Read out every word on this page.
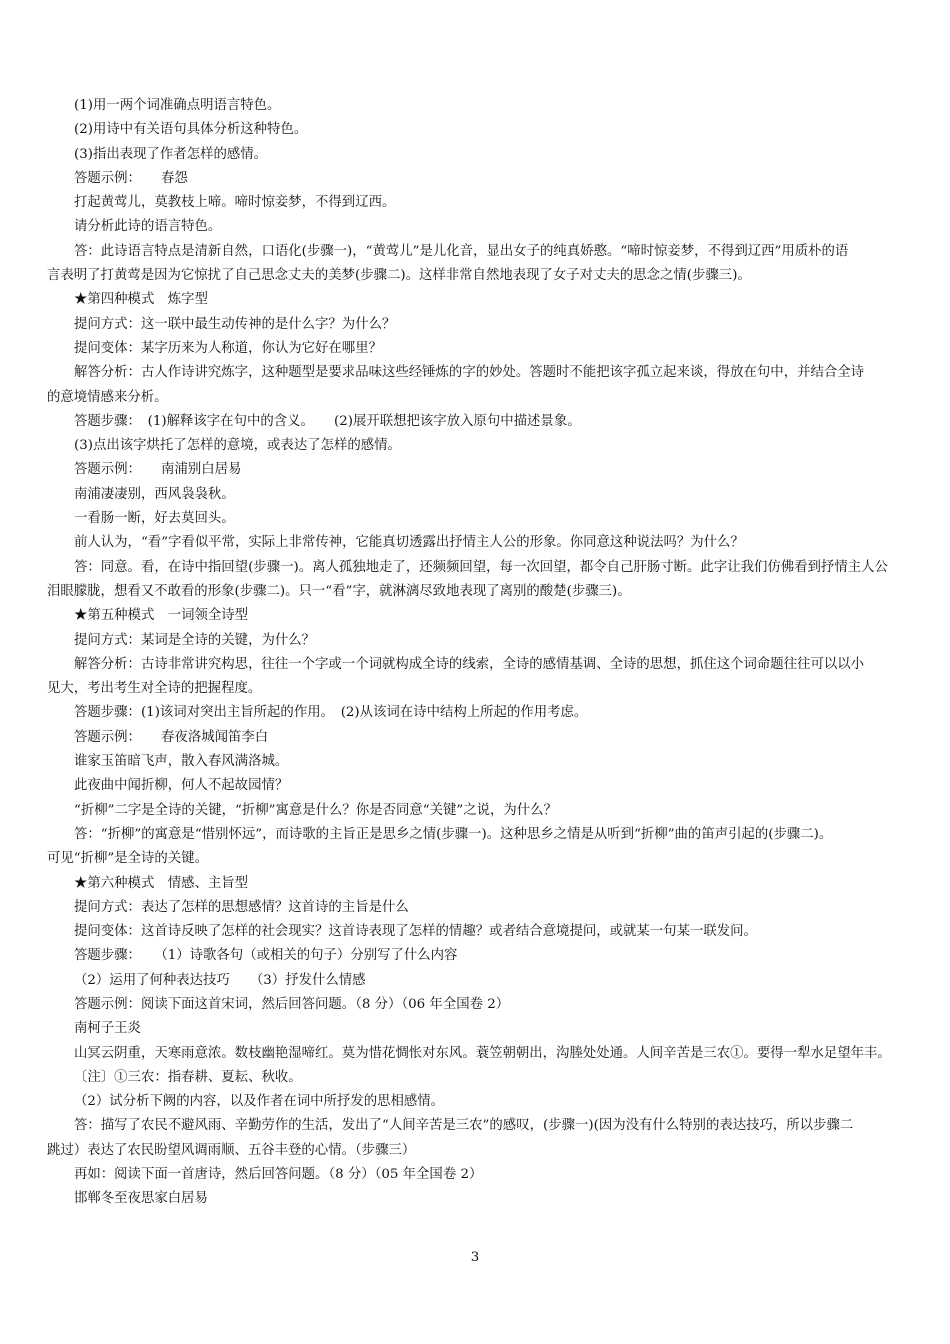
(1)用一两个词准确点明语言特色。
(2)用诗中有关语句具体分析这种特色。
(3)指出表现了作者怎样的感情。
答题示例：　　春怨
打起黄莺儿，莫教枝上啼。啼时惊妾梦，不得到辽西。
请分析此诗的语言特色。
答：此诗语言特点是清新自然，口语化(步骤一)，“黄莺儿”是儿化音，显出女子的纯真娇憨。“啼时惊妾梦，不得到辽西”用质朴的语
言表明了打黄莺是因为它惊扰了自己思念丈夫的美梦(步骤二)。这样非常自然地表现了女子对丈夫的思念之情(步骤三)。
★第四种模式　炼字型
提问方式：这一联中最生动传神的是什么字？为什么？
提问变体：某字历来为人称道，你认为它好在哪里？
解答分析：古人作诗讲究炼字，这种题型是要求品味这些经锤炼的字的妙处。答题时不能把该字孤立起来谈，得放在句中，并结合全诗
的意境情感来分析。
答题步骤：　(1)解释该字在句中的含义。　　(2)展开联想把该字放入原句中描述景象。
(3)点出该字烘托了怎样的意境，或表达了怎样的感情。
答题示例：　　南浦别白居易
南浦凄凄别，西风袅袅秋。
一看肠一断，好去莫回头。
前人认为，“看”字看似平常，实际上非常传神，它能真切透露出抒情主人公的形象。你同意这种说法吗？为什么？
答：同意。看，在诗中指回望(步骤一)。离人孤独地走了，还频频回望，每一次回望，都令自己肝肠寸断。此字让我们仿佛看到抒情主人公
泪眼朦胧，想看又不敢看的形象(步骤二)。只一“看”字，就淋漓尽致地表现了离别的酸楚(步骤三)。
★第五种模式　一词领全诗型
提问方式：某词是全诗的关键，为什么？
解答分析：古诗非常讲究构思，往往一个字或一个词就构成全诗的线索，全诗的感情基调、全诗的思想，抓住这个词命题往往可以以小
见大，考出考生对全诗的把握程度。
答题步骤：(1)该词对突出主旨所起的作用。　(2)从该词在诗中结构上所起的作用考虑。
答题示例：　　春夜洛城闻笛李白
谁家玉笛暗飞声，散入春风满洛城。
此夜曲中闻折柳，何人不起故园情？
“折柳”二字是全诗的关键，“折柳”寓意是什么？你是否同意“关键”之说，为什么？
答：“折柳”的寓意是“惜别怀远”，而诗歌的主旨正是思乡之情(步骤一)。这种思乡之情是从听到“折柳”曲的笛声引起的(步骤二)。
可见“折柳”是全诗的关键。
★第六种模式　情感、主旨型
提问方式：表达了怎样的思想感情？这首诗的主旨是什么
提问变体：这首诗反映了怎样的社会现实？这首诗表现了怎样的情趣？或者结合意境提问，或就某一句某一联发问。
答题步骤：　　（1）诗歌各句（或相关的句子）分别写了什么内容
（2）运用了何种表达技巧　　（3）抒发什么情感
答题示例：阅读下面这首宋词，然后回答问题。（8 分）（06 年全国卷 2）
南柯子王炎
山冥云阴重，天寒雨意浓。数枝幽艳湿啼红。莫为惜花惆怅对东风。蓑笠朝朝出，沟塍处处通。人间辛苦是三农①。要得一犁水足望年丰。
〔注〕①三农：指春耕、夏耘、秋收。
（2）试分析下阙的内容，以及作者在词中所抒发的思相感情。
答：描写了农民不避风雨、辛勤劳作的生活，发出了“人间辛苦是三农”的感叹，(步骤一)(因为没有什么特别的表达技巧，所以步骤二
跳过）表达了农民盼望风调雨顺、五谷丰登的心情。（步骤三）
再如：阅读下面一首唐诗，然后回答问题。（8 分）（05 年全国卷 2）
邯郸冬至夜思家白居易
3
